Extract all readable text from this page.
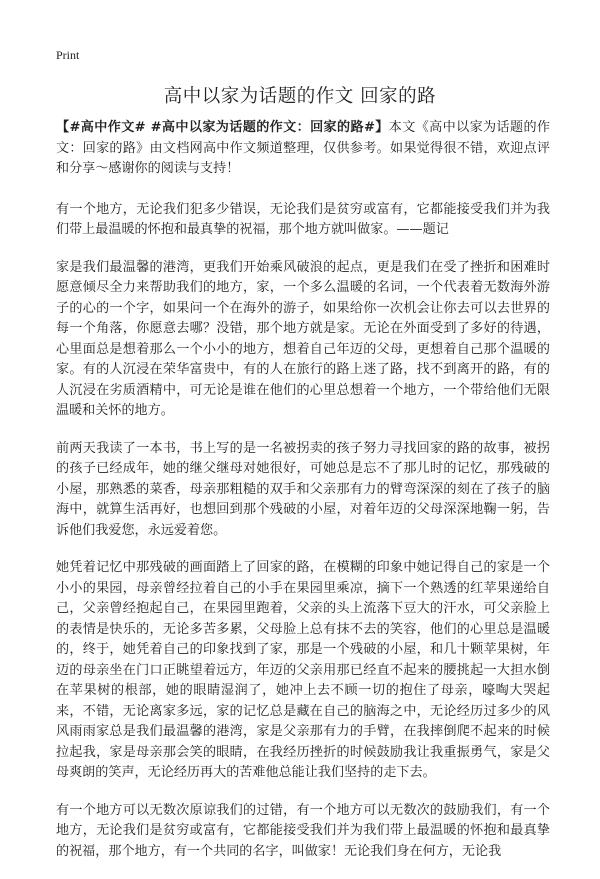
Print
高中以家为话题的作文 回家的路

【#高中作文# #高中以家为话题的作文：回家的路#】本文《高中以家为话题的作文：回家的路》由文档网高中作文频道整理，仅供参考。如果觉得很不错，欢迎点评和分享～感谢你的阅读与支持！

有一个地方，无论我们犯多少错误，无论我们是贫穷或富有，它都能接受我们并为我们带上最温暖的怀抱和最真挚的祝福，那个地方就叫做家。——题记

家是我们最温馨的港湾，更我们开始乘风破浪的起点，更是我们在受了挫折和困难时愿意倾尽全力来帮助我们的地方，家，一个多么温暖的名词，一个代表着无数海外游子的心的一个字，如果问一个在海外的游子，如果给你一次机会让你去可以去世界的每一个角落，你愿意去哪？没错，那个地方就是家。无论在外面受到了多好的待遇，心里面总是想着那么一个小小的地方，想着自己年迈的父母，更想着自己那个温暖的家。有的人沉浸在荣华富贵中，有的人在旅行的路上迷了路，找不到离开的路，有的人沉浸在劣质酒精中，可无论是谁在他们的心里总想着一个地方，一个带给他们无限温暖和关怀的地方。

前两天我读了一本书，书上写的是一名被拐卖的孩子努力寻找回家的路的故事，被拐的孩子已经成年，她的继父继母对她很好，可她总是忘不了那儿时的记忆，那残破的小屋，那熟悉的菜香，母亲那粗糙的双手和父亲那有力的臂弯深深的刻在了孩子的脑海中，就算生活再好，也想回到那个残破的小屋，对着年迈的父母深深地鞠一躬，告诉他们我爱您，永远爱着您。

她凭着记忆中那残破的画面踏上了回家的路，在模糊的印象中她记得自己的家是一个小小的果园，母亲曾经拉着自己的小手在果园里乘凉，摘下一个熟透的红苹果递给自己，父亲曾经抱起自己，在果园里跑着，父亲的头上流落下豆大的汗水，可父亲脸上的表情是快乐的，无论多苦多累，父母脸上总有抹不去的笑容，他们的心里总是温暖的，终于，她凭着自己的印象找到了家，那是一个残破的小屋，和几十颗苹果树，年迈的母亲坐在门口正眺望着远方，年迈的父亲用那已经直不起来的腰挑起一大担水倒在苹果树的根部，她的眼睛湿润了，她冲上去不顾一切的抱住了母亲，嚎啕大哭起来，不错，无论离家多远，家的记忆总是藏在自己的脑海之中，无论经历过多少的风风雨雨家总是我们最温馨的港湾，家是父亲那有力的手臂，在我摔倒爬不起来的时候拉起我，家是母亲那会笑的眼睛，在我经历挫折的时候鼓励我让我重振勇气，家是父母爽朗的笑声，无论经历再大的苦难他总能让我们坚持的走下去。

有一个地方可以无数次原谅我们的过错，有一个地方可以无数次的鼓励我们，有一个地方，无论我们是贫穷或富有，它都能接受我们并为我们带上最温暖的怀抱和最真挚的祝福，那个地方，有一个共同的名字，叫做家！无论我们身在何方，无论我
